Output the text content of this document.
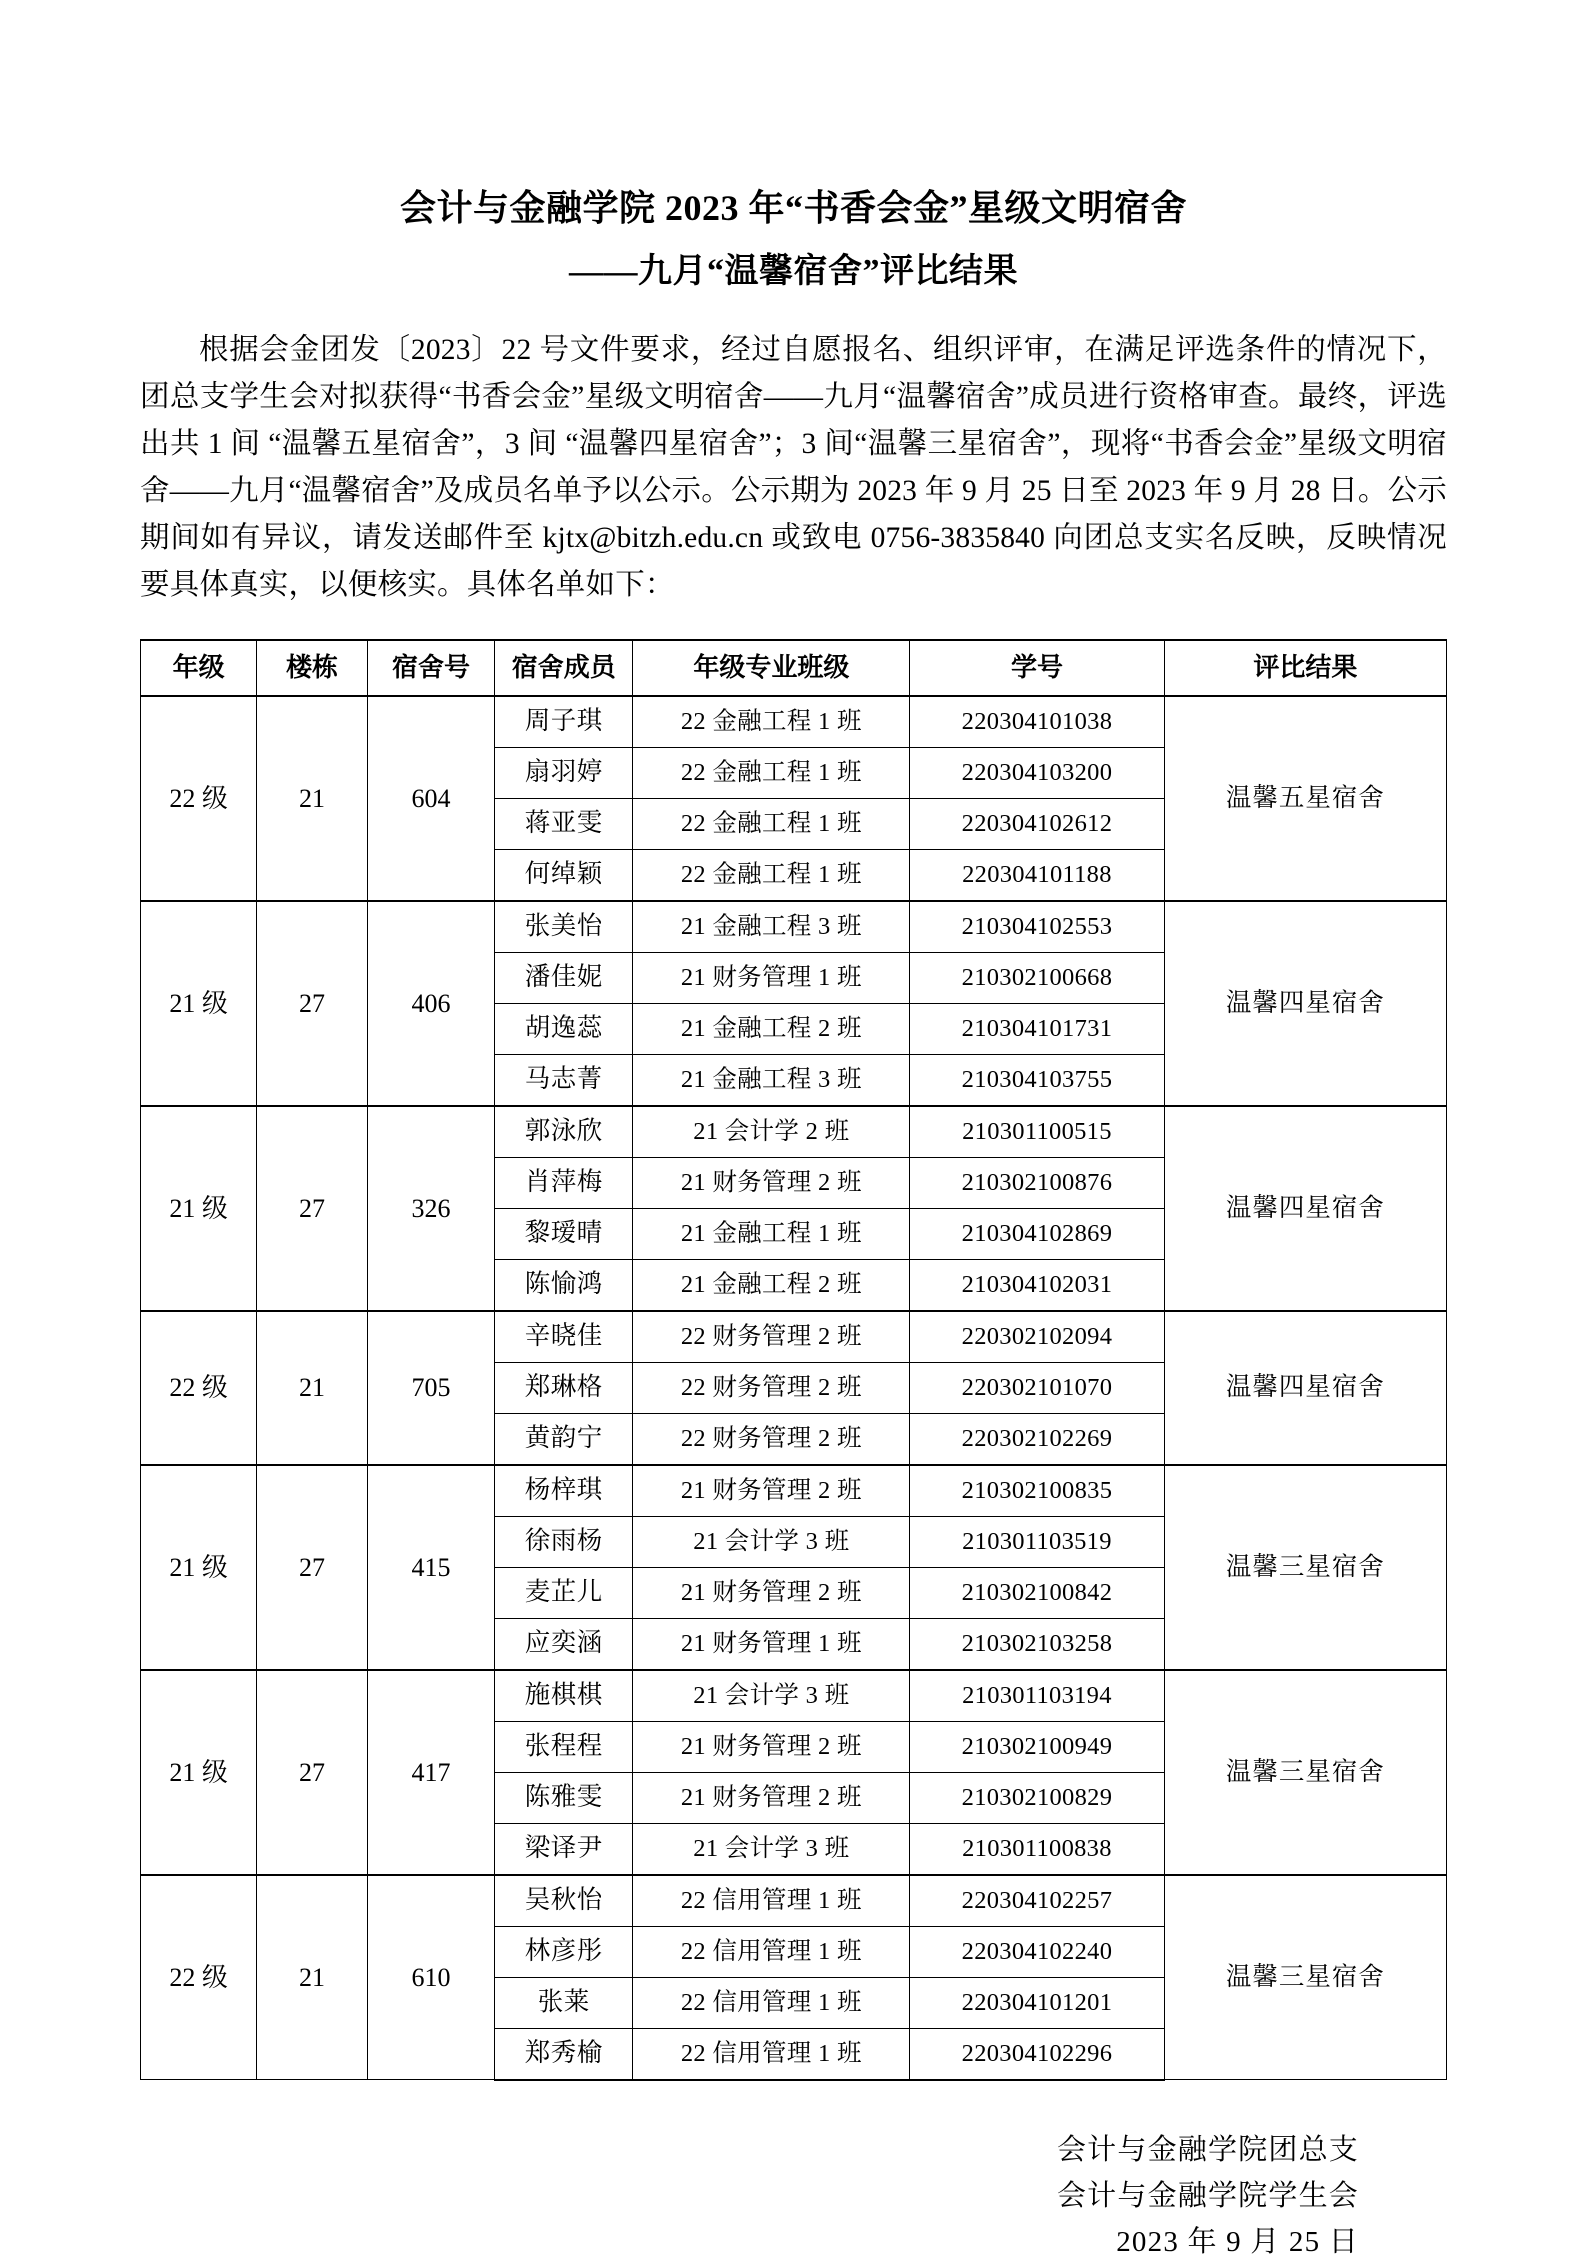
会计与金融学院 2023 年“书香会金”星级文明宿舍
——九月“温馨宿舍”评比结果

根据会金团发〔2023〕22 号文件要求，经过自愿报名、组织评审，在满足评选条件的情况下，团总支学生会对拟获得“书香会金”星级文明宿舍——九月“温馨宿舍”成员进行资格审查。最终，评选出共 1 间 “温馨五星宿舍”，3 间 “温馨四星宿舍”；3 间“温馨三星宿舍”，现将“书香会金”星级文明宿舍——九月“温馨宿舍”及成员名单予以公示。公示期为 2023 年 9 月 25 日至 2023 年 9 月 28 日。公示期间如有异议，请发送邮件至 kjtx@bitzh.edu.cn 或致电 0756-3835840 向团总支实名反映，反映情况要具体真实，以便核实。具体名单如下：

年级	楼栋	宿舍号	宿舍成员	年级专业班级	学号	评比结果
22 级	21	604	周子琪	22 金融工程 1 班	220304101038	温馨五星宿舍
			扇羽婷	22 金融工程 1 班	220304103200	
			蒋亚雯	22 金融工程 1 班	220304102612	
			何绰颖	22 金融工程 1 班	220304101188	
21 级	27	406	张美怡	21 金融工程 3 班	210304102553	温馨四星宿舍
			潘佳妮	21 财务管理 1 班	210302100668	
			胡逸蕊	21 金融工程 2 班	210304101731	
			马志菁	21 金融工程 3 班	210304103755	
21 级	27	326	郭泳欣	21 会计学 2 班	210301100515	温馨四星宿舍
			肖萍梅	21 财务管理 2 班	210302100876	
			黎瑷晴	21 金融工程 1 班	210304102869	
			陈愉鸿	21 金融工程 2 班	210304102031	
22 级	21	705	辛晓佳	22 财务管理 2 班	220302102094	温馨四星宿舍
			郑琳格	22 财务管理 2 班	220302101070	
			黄韵宁	22 财务管理 2 班	220302102269	
21 级	27	415	杨梓琪	21 财务管理 2 班	210302100835	温馨三星宿舍
			徐雨杨	21 会计学 3 班	210301103519	
			麦芷儿	21 财务管理 2 班	210302100842	
			应奕涵	21 财务管理 1 班	210302103258	
21 级	27	417	施棋棋	21 会计学 3 班	210301103194	温馨三星宿舍
			张程程	21 财务管理 2 班	210302100949	
			陈雅雯	21 财务管理 2 班	210302100829	
			梁译尹	21 会计学 3 班	210301100838	
22 级	21	610	吴秋怡	22 信用管理 1 班	220304102257	温馨三星宿舍
			林彦彤	22 信用管理 1 班	220304102240	
			张莱	22 信用管理 1 班	220304101201	
			郑秀榆	22 信用管理 1 班	220304102296	
会计与金融学院团总支
会计与金融学院学生会
2023 年 9 月 25 日
